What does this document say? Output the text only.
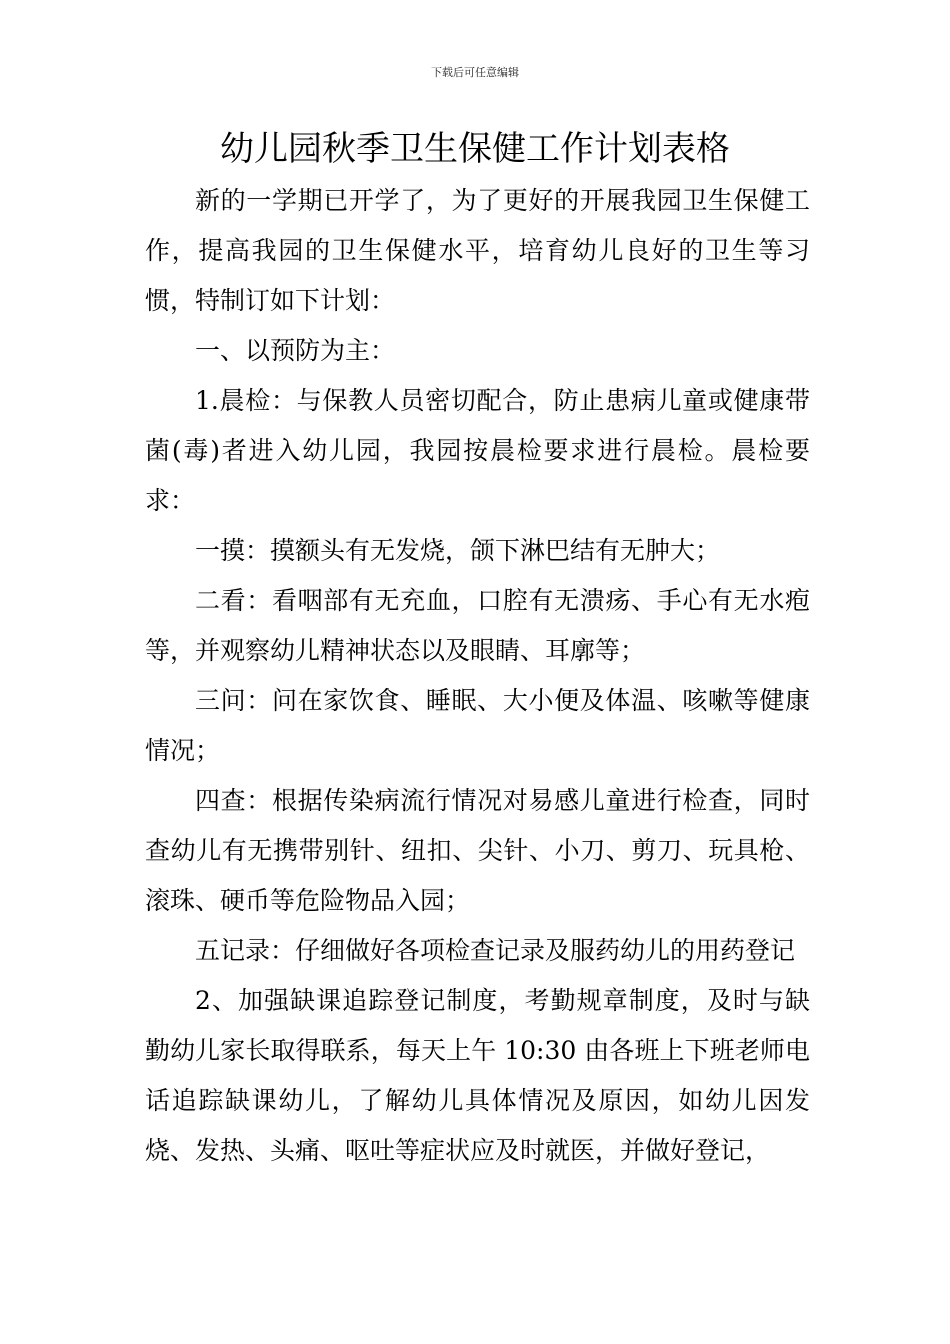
下载后可任意编辑
幼儿园秋季卫生保健工作计划表格

新的一学期已开学了，为了更好的开展我园卫生保健工作，提高我园的卫生保健水平，培育幼儿良好的卫生等习惯，特制订如下计划：

一、以预防为主：

1.晨检：与保教人员密切配合，防止患病儿童或健康带菌(毒)者进入幼儿园，我园按晨检要求进行晨检。晨检要求：

一摸：摸额头有无发烧，颌下淋巴结有无肿大；

二看：看咽部有无充血，口腔有无溃疡、手心有无水疱等，并观察幼儿精神状态以及眼睛、耳廓等；

三问：问在家饮食、睡眠、大小便及体温、咳嗽等健康情况；

四查：根据传染病流行情况对易感儿童进行检查，同时查幼儿有无携带别针、纽扣、尖针、小刀、剪刀、玩具枪、滚珠、硬币等危险物品入园；

五记录：仔细做好各项检查记录及服药幼儿的用药登记

2、加强缺课追踪登记制度，考勤规章制度，及时与缺勤幼儿家长取得联系，每天上午 10:30 由各班上下班老师电话追踪缺课幼儿，了解幼儿具体情况及原因，如幼儿因发烧、发热、头痛、呕吐等症状应及时就医，并做好登记，
